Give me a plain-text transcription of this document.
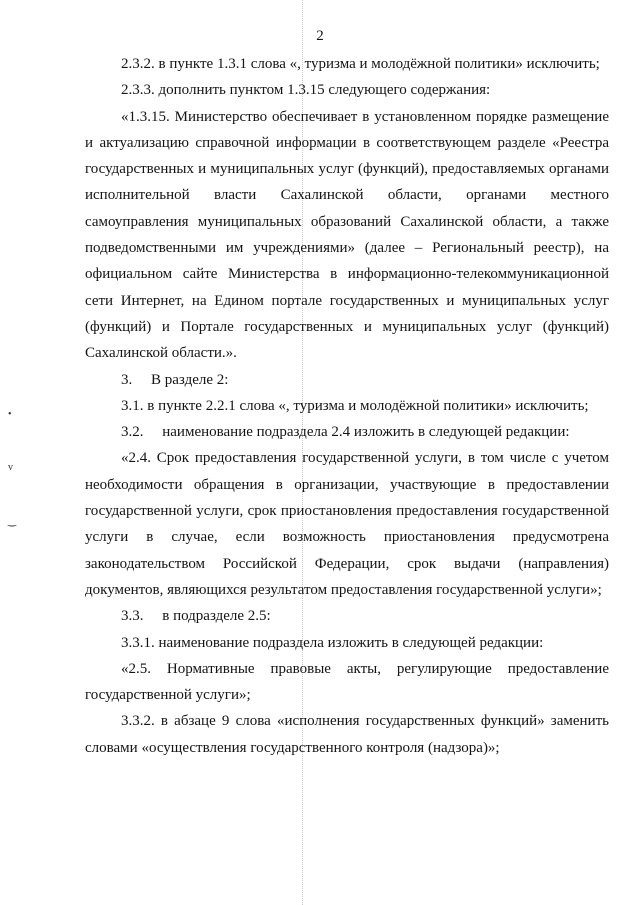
•
v
‿
2

2.3.2. в пункте 1.3.1 слова «, туризма и молодёжной политики» исключить;

2.3.3. дополнить пунктом 1.3.15 следующего содержания:

«1.3.15. Министерство обеспечивает в установленном порядке размещение и актуализацию справочной информации в соответствующем разделе «Реестра государственных и муниципальных услуг (функций), предоставляемых органами исполнительной власти Сахалинской области, органами местного самоуправления муниципальных образований Сахалинской области, а также подведомственными им учреждениями» (далее – Региональный реестр), на официальном сайте Министерства в информационно-телекоммуникационной сети Интернет, на Едином портале государственных и муниципальных услуг (функций) и Портале государственных и муниципальных услуг (функций) Сахалинской области.».

3.  В разделе 2:

3.1. в пункте 2.2.1 слова «, туризма и молодёжной политики» исключить;

3.2.  наименование подраздела 2.4 изложить в следующей редакции:

«2.4. Срок предоставления государственной услуги, в том числе с учетом необходимости обращения в организации, участвующие в предоставлении государственной услуги, срок приостановления предоставления государственной услуги в случае, если возможность приостановления предусмотрена законодательством Российской Федерации, срок выдачи (направления) документов, являющихся результатом предоставления государственной услуги»;

3.3.  в подразделе 2.5:

3.3.1. наименование подраздела изложить в следующей редакции:

«2.5. Нормативные правовые акты, регулирующие предоставление государственной услуги»;

3.3.2. в абзаце 9 слова «исполнения государственных функций» заменить словами «осуществления государственного контроля (надзора)»;
